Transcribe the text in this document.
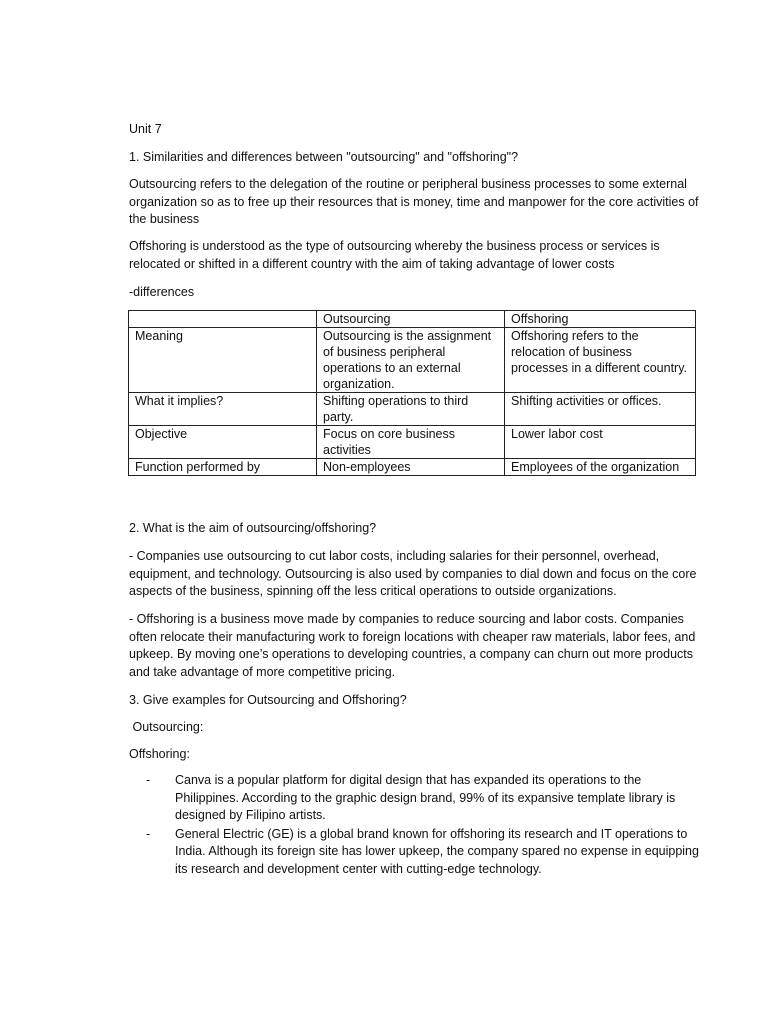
Unit 7

1. Similarities and differences between "outsourcing" and "offshoring"?

Outsourcing refers to the delegation of the routine or peripheral business processes to some external organization so as to free up their resources that is money, time and manpower for the core activities of the business

Offshoring is understood as the type of outsourcing whereby the business process or services is relocated or shifted in a different country with the aim of taking advantage of lower costs

-differences

	Outsourcing	Offshoring
Meaning	Outsourcing is the assignment of business peripheral operations to an external organization.	Offshoring refers to the relocation of business processes in a different country.
What it implies?	Shifting operations to third party.	Shifting activities or offices.
Objective	Focus on core business activities	Lower labor cost
Function performed by	Non-employees	Employees of the organization

2. What is the aim of outsourcing/offshoring?

- Companies use outsourcing to cut labor costs, including salaries for their personnel, overhead, equipment, and technology. Outsourcing is also used by companies to dial down and focus on the core aspects of the business, spinning off the less critical operations to outside organizations.

- Offshoring is a business move made by companies to reduce sourcing and labor costs. Companies often relocate their manufacturing work to foreign locations with cheaper raw materials, labor fees, and upkeep. By moving one’s operations to developing countries, a company can churn out more products and take advantage of more competitive pricing.

3. Give examples for Outsourcing and Offshoring?

Outsourcing:

Offshoring:

- Canva is a popular platform for digital design that has expanded its operations to the Philippines. According to the graphic design brand, 99% of its expansive template library is designed by Filipino artists.
- General Electric (GE) is a global brand known for offshoring its research and IT operations to India. Although its foreign site has lower upkeep, the company spared no expense in equipping its research and development center with cutting-edge technology.
